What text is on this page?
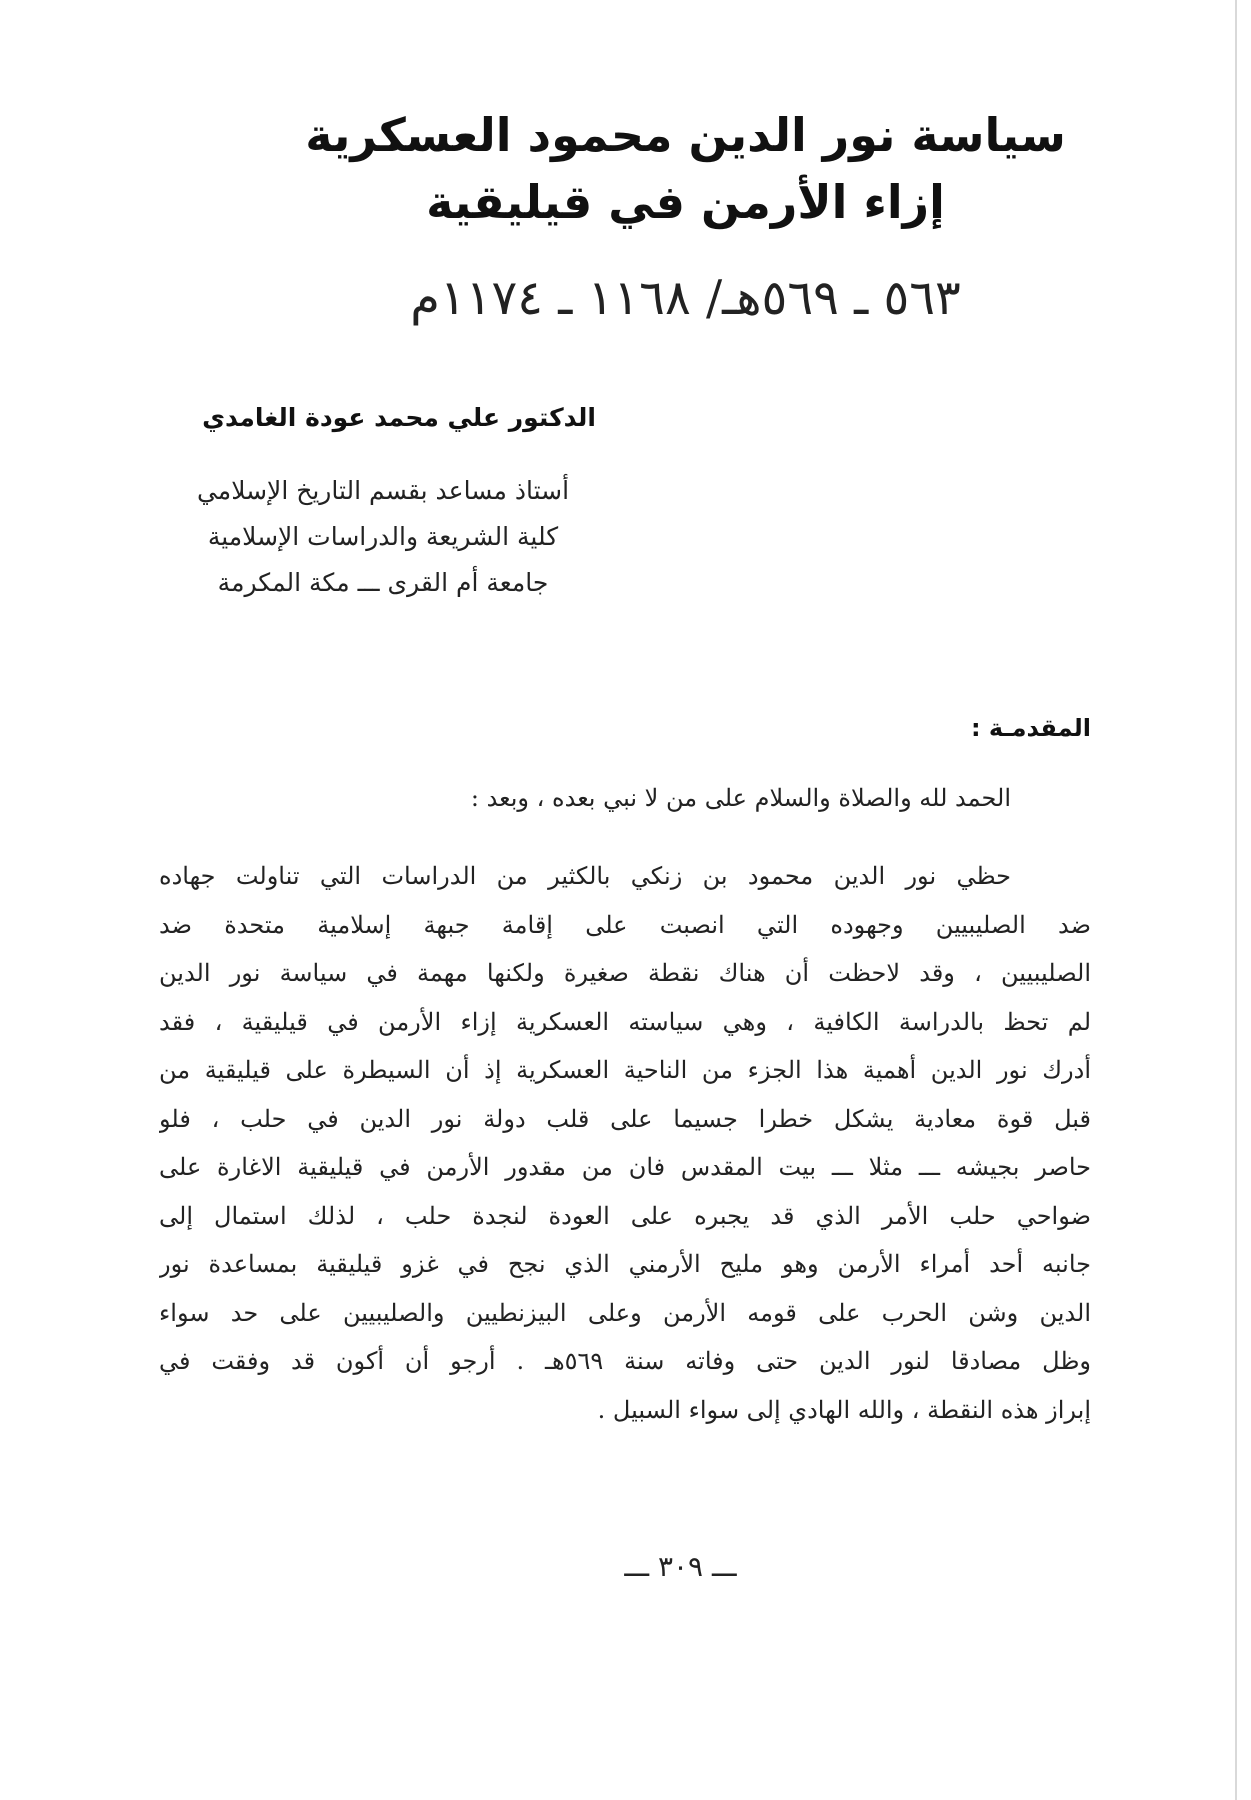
سياسة نور الدين محمود العسكرية
إزاء الأرمن في قيليقية
٥٦٣ ـ ٥٦٩هـ/ ١١٦٨ ـ ١١٧٤م
الدكتور علي محمد عودة الغامدي
أستاذ مساعد بقسم التاريخ الإسلامي
كلية الشريعة والدراسات الإسلامية
جامعة أم القرى ـــ مكة المكرمة
المقدمـة :
الحمد لله والصلاة والسلام على من لا نبي بعده ، وبعد :
حظي نور الدين محمود بن زنكي بالكثير من الدراسات التي تناولت جهاده
ضد الصليبيين وجهوده التي انصبت على إقامة جبهة إسلامية متحدة ضد
الصليبيين ، وقد لاحظت أن هناك نقطة صغيرة ولكنها مهمة في سياسة نور الدين
لم تحظ بالدراسة الكافية ، وهي سياسته العسكرية إزاء الأرمن في قيليقية ، فقد
أدرك نور الدين أهمية هذا الجزء من الناحية العسكرية إذ أن السيطرة على قيليقية من
قبل قوة معادية يشكل خطرا جسيما على قلب دولة نور الدين في حلب ، فلو
حاصر بجيشه ـــ مثلا ـــ بيت المقدس فان من مقدور الأرمن في قيليقية الاغارة على
ضواحي حلب الأمر الذي قد يجبره على العودة لنجدة حلب ، لذلك استمال إلى
جانبه أحد أمراء الأرمن وهو مليح الأرمني الذي نجح في غزو قيليقية بمساعدة نور
الدين وشن الحرب على قومه الأرمن وعلى البيزنطيين والصليبيين على حد سواء
وظل مصادقا لنور الدين حتى وفاته سنة ٥٦٩هـ . أرجو أن أكون قد وفقت في
إبراز هذه النقطة ، والله الهادي إلى سواء السبيل .
ـــ ٣٠٩ ـــ
